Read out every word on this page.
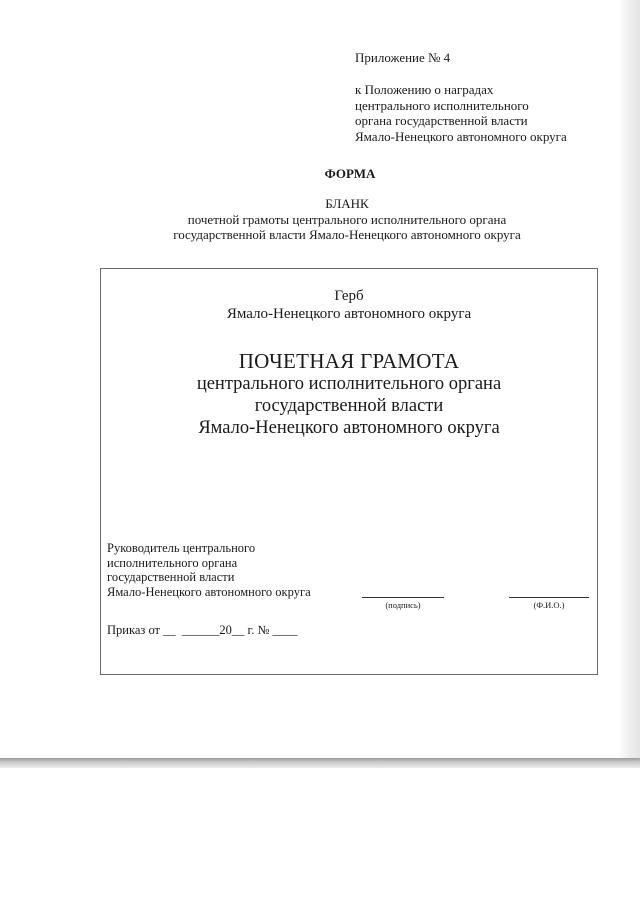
Приложение № 4

к Положению о наградах
центрального исполнительного
органа государственной власти
Ямало-Ненецкого автономного округа

ФОРМА

БЛАНК
почетной грамоты центрального исполнительного органа
государственной власти Ямало-Ненецкого автономного округа
Герб
Ямало-Ненецкого автономного округа
ПОЧЕТНАЯ ГРАМОТА
центрального исполнительного органа
государственной власти
Ямало-Ненецкого автономного округа
Руководитель центрального
исполнительного органа
государственной власти
Ямало-Ненецкого автономного округа
(подпись)	(Ф.И.О.)
Приказ от __  ______20__ г. № ____
